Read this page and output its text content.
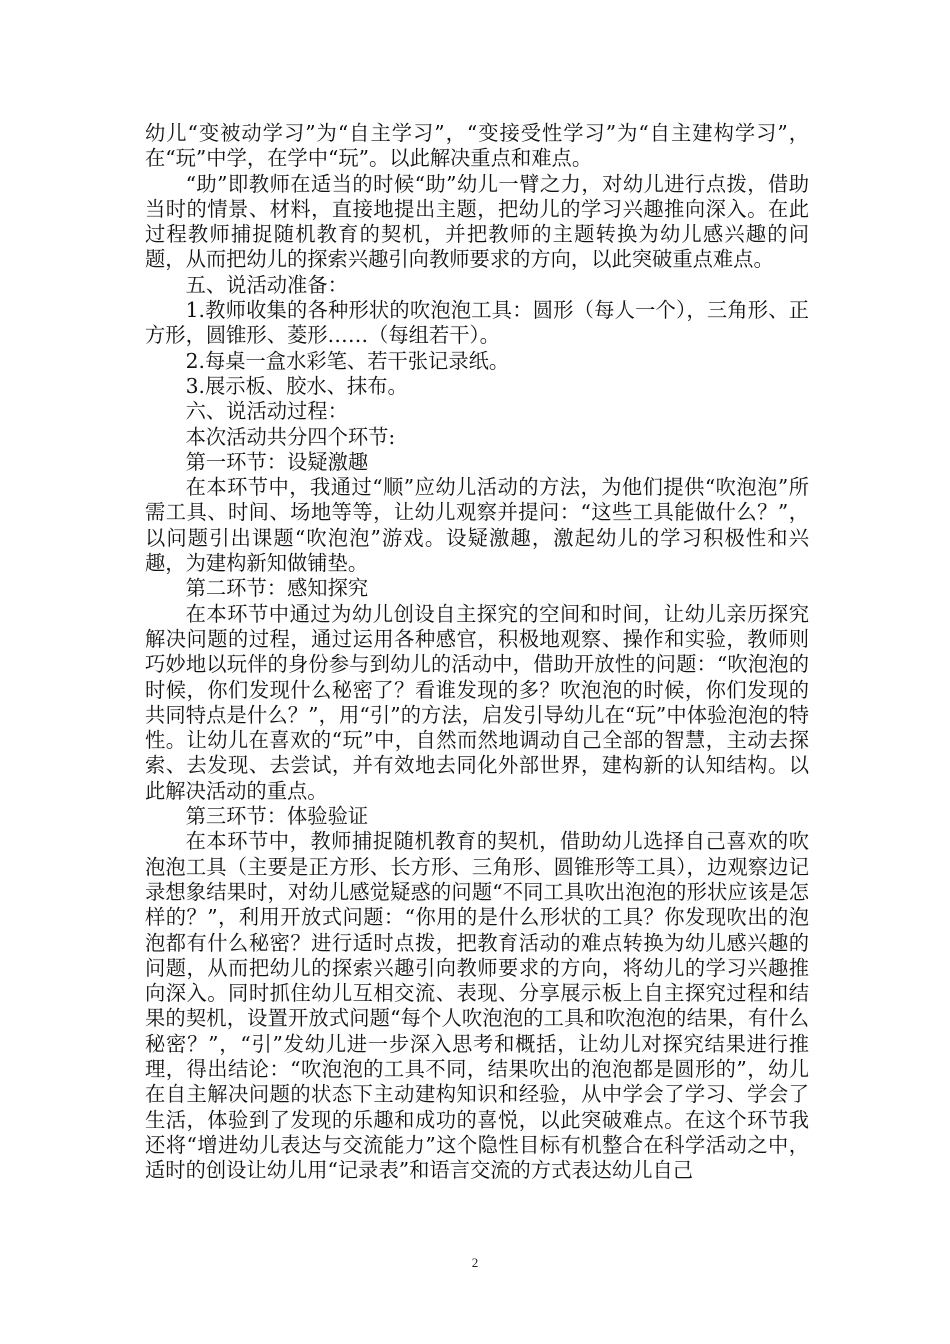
幼儿“变被动学习”为“自主学习”，“变接受性学习”为“自主建构学习”，在“玩”中学，在学中“玩”。以此解决重点和难点。

“助”即教师在适当的时候“助”幼儿一臂之力，对幼儿进行点拨，借助当时的情景、材料，直接地提出主题，把幼儿的学习兴趣推向深入。在此过程教师捕捉随机教育的契机，并把教师的主题转换为幼儿感兴趣的问题，从而把幼儿的探索兴趣引向教师要求的方向，以此突破重点难点。

五、说活动准备：

1.教师收集的各种形状的吹泡泡工具：圆形（每人一个），三角形、正方形，圆锥形、菱形……（每组若干）。

2.每桌一盒水彩笔、若干张记录纸。

3.展示板、胶水、抹布。

六、说活动过程：

本次活动共分四个环节:

第一环节：设疑激趣

在本环节中，我通过“顺”应幼儿活动的方法，为他们提供“吹泡泡”所需工具、时间、场地等等，让幼儿观察并提问：“这些工具能做什么？”，以问题引出课题“吹泡泡”游戏。设疑激趣，激起幼儿的学习积极性和兴趣，为建构新知做铺垫。

第二环节：感知探究

在本环节中通过为幼儿创设自主探究的空间和时间，让幼儿亲历探究解决问题的过程，通过运用各种感官，积极地观察、操作和实验，教师则巧妙地以玩伴的身份参与到幼儿的活动中，借助开放性的问题：“吹泡泡的时候，你们发现什么秘密了？看谁发现的多？吹泡泡的时候，你们发现的共同特点是什么？”，用“引”的方法，启发引导幼儿在“玩”中体验泡泡的特性。让幼儿在喜欢的“玩”中，自然而然地调动自己全部的智慧，主动去探索、去发现、去尝试，并有效地去同化外部世界，建构新的认知结构。以此解决活动的重点。

第三环节：体验验证

在本环节中，教师捕捉随机教育的契机，借助幼儿选择自己喜欢的吹泡泡工具（主要是正方形、长方形、三角形、圆锥形等工具），边观察边记录想象结果时，对幼儿感觉疑惑的问题“不同工具吹出泡泡的形状应该是怎样的？”，利用开放式问题：“你用的是什么形状的工具？你发现吹出的泡泡都有什么秘密？进行适时点拨，把教育活动的难点转换为幼儿感兴趣的问题，从而把幼儿的探索兴趣引向教师要求的方向，将幼儿的学习兴趣推向深入。同时抓住幼儿互相交流、表现、分享展示板上自主探究过程和结果的契机，设置开放式问题“每个人吹泡泡的工具和吹泡泡的结果，有什么秘密？”，“引”发幼儿进一步深入思考和概括，让幼儿对探究结果进行推理，得出结论：“吹泡泡的工具不同，结果吹出的泡泡都是圆形的”，幼儿在自主解决问题的状态下主动建构知识和经验，从中学会了学习、学会了生活，体验到了发现的乐趣和成功的喜悦，以此突破难点。在这个环节我还将“增进幼儿表达与交流能力”这个隐性目标有机整合在科学活动之中，适时的创设让幼儿用“记录表”和语言交流的方式表达幼儿自己

2
